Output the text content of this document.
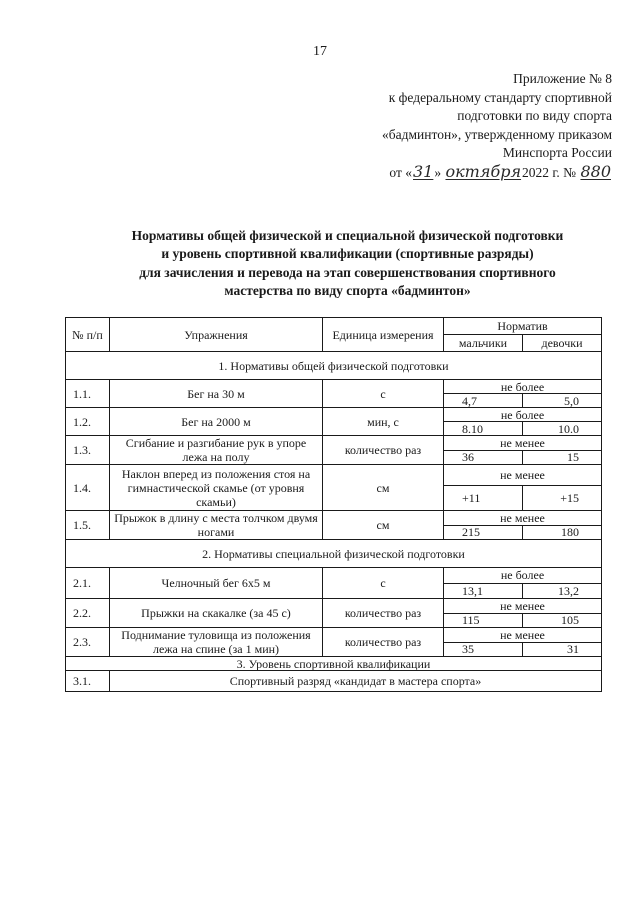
17
Приложение № 8
к федеральному стандарту спортивной
подготовки по виду спорта
«бадминтон», утвержденному приказом
Минспорта России
от «31» октября2022 г. № 880
Нормативы общей физической и специальной физической подготовки
и уровень спортивной квалификации (спортивные разряды)
для зачисления и перевода на этап совершенствования спортивного
мастерства по виду спорта «бадминтон»
№ п/п	Упражнения	Единица измерения	Норматив	
			мальчики	девочки
1. Нормативы общей физической подготовки				
1.1.	Бег на 30 м	с	не более	
			4,7	5,0
1.2.	Бег на 2000 м	мин, с	не более	
			8.10	10.0
1.3.	Сгибание и разгибание рук в упоре лежа на полу	количество раз	не менее	
			36	15
1.4.	Наклон вперед из положения стоя на гимнастической скамье (от уровня скамьи)	см	не менее	
			+11	+15
1.5.	Прыжок в длину с места толчком двумя ногами	см	не менее	
			215	180
2. Нормативы специальной физической подготовки				
2.1.	Челночный бег 6х5 м	с	не более	
			13,1	13,2
2.2.	Прыжки на скакалке (за 45 с)	количество раз	не менее	
			115	105
2.3.	Поднимание туловища из положения лежа на спине (за 1 мин)	количество раз	не менее	
			35	31
3. Уровень спортивной квалификации				
3.1.	Спортивный разряд «кандидат в мастера спорта»			
